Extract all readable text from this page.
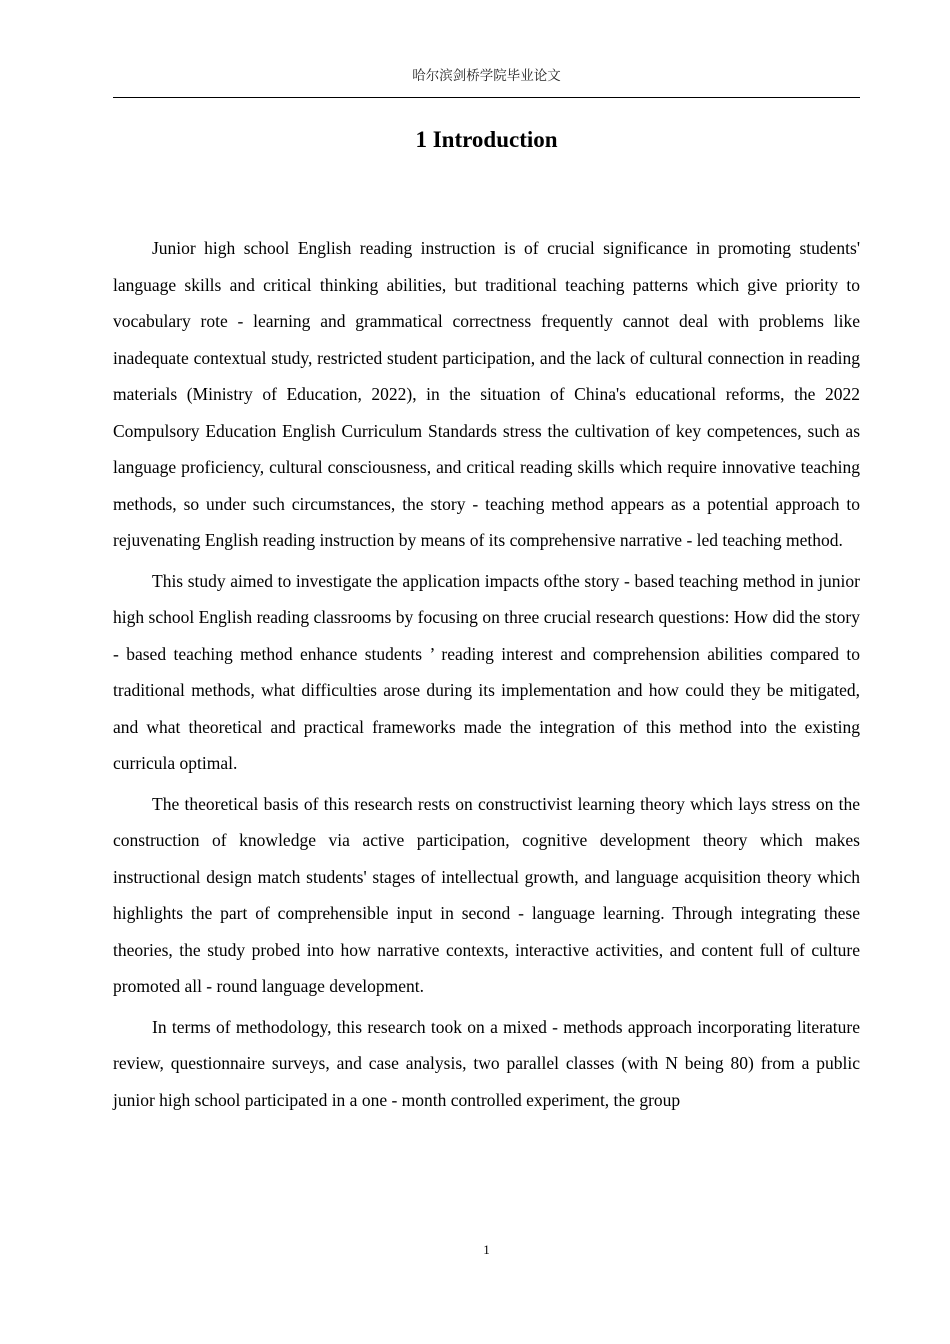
哈尔滨剑桥学院毕业论文
1 Introduction

Junior high school English reading instruction is of crucial significance in promoting students' language skills and critical thinking abilities, but traditional teaching patterns which give priority to vocabulary rote - learning and grammatical correctness frequently cannot deal with problems like inadequate contextual study, restricted student participation, and the lack of cultural connection in reading materials (Ministry of Education, 2022), in the situation of China's educational reforms, the 2022 Compulsory Education English Curriculum Standards stress the cultivation of key competences, such as language proficiency, cultural consciousness, and critical reading skills which require innovative teaching methods, so under such circumstances, the story - teaching method appears as a potential approach to rejuvenating English reading instruction by means of its comprehensive narrative - led teaching method.

This study aimed to investigate the application impacts ofthe story - based teaching method in junior high school English reading classrooms by focusing on three crucial research questions: How did the story - based teaching method enhance students ’ reading interest and comprehension abilities compared to traditional methods, what difficulties arose during its implementation and how could they be mitigated, and what theoretical and practical frameworks made the integration of this method into the existing curricula optimal.

The theoretical basis of this research rests on constructivist learning theory which lays stress on the construction of knowledge via active participation, cognitive development theory which makes instructional design match students' stages of intellectual growth, and language acquisition theory which highlights the part of comprehensible input in second - language learning. Through integrating these theories, the study probed into how narrative contexts, interactive activities, and content full of culture promoted all - round language development.

In terms of methodology, this research took on a mixed - methods approach incorporating literature review, questionnaire surveys, and case analysis, two parallel classes (with N being 80) from a public junior high school participated in a one - month controlled experiment, the group

1
